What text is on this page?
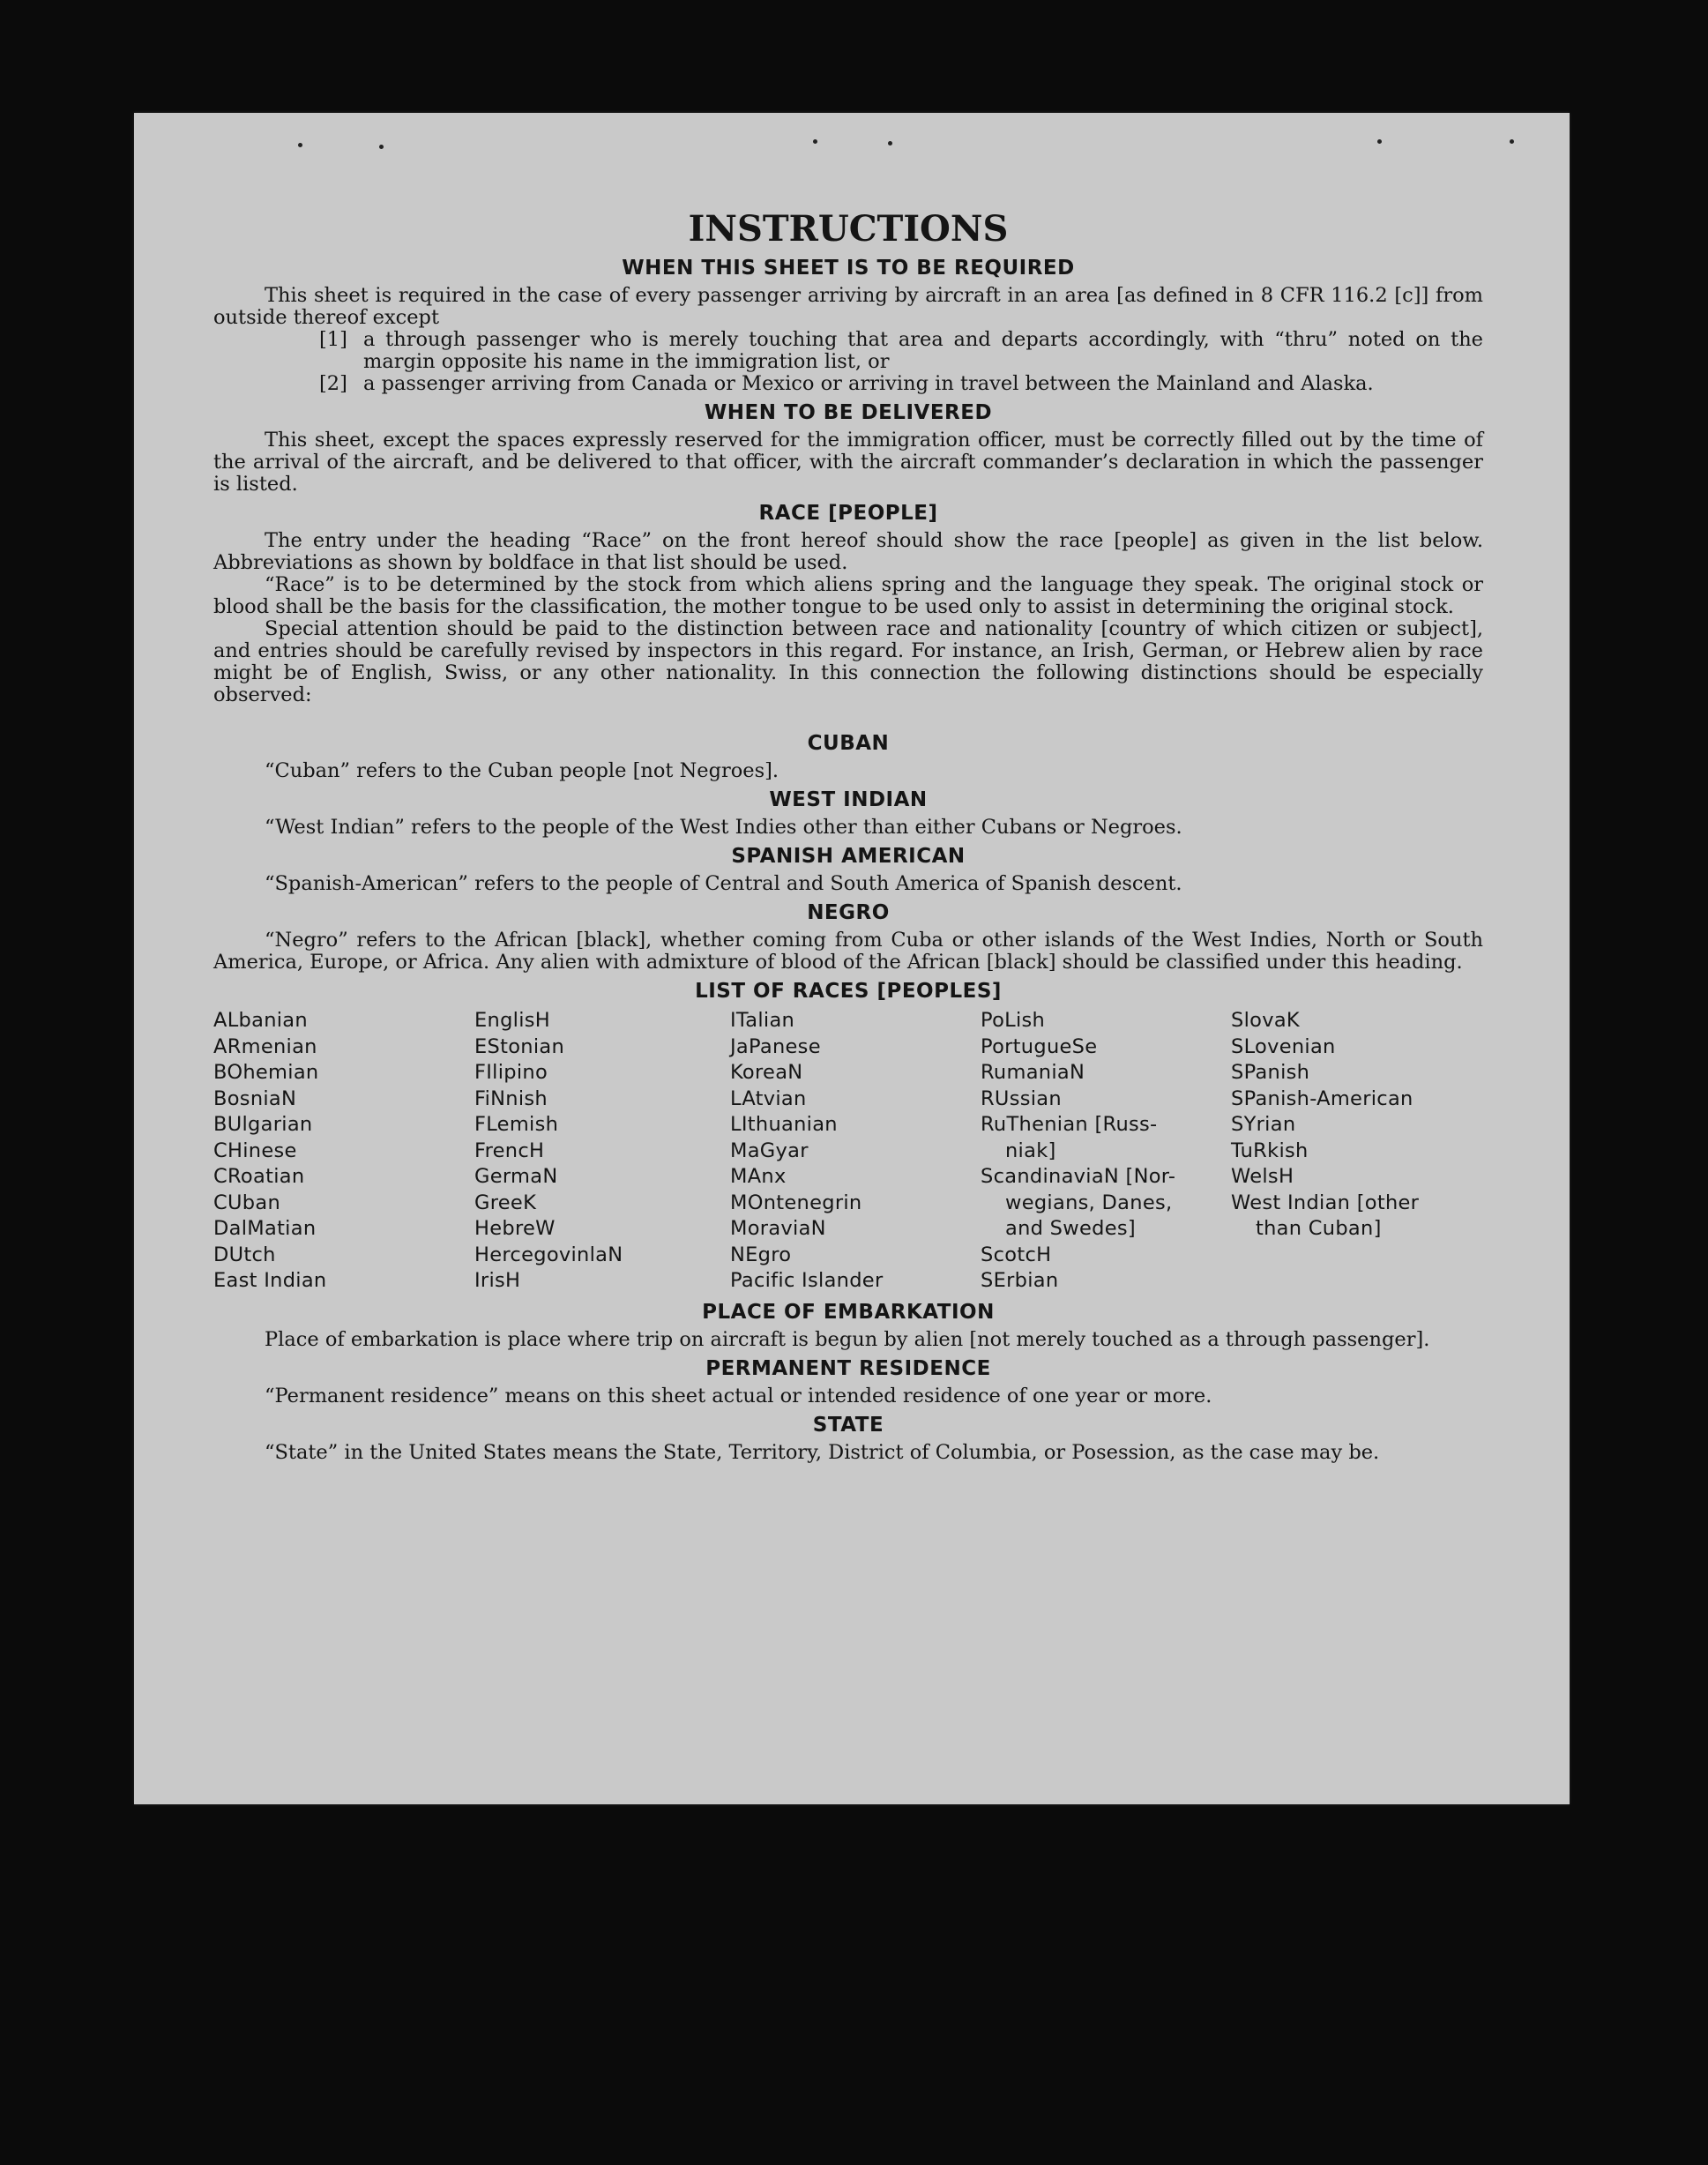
INSTRUCTIONS
WHEN THIS SHEET IS TO BE REQUIRED

This sheet is required in the case of every passenger arriving by aircraft in an area [as defined in 8 CFR 116.2 [c]] from outside thereof except

[1] a through passenger who is merely touching that area and departs accordingly, with “thru” noted on the margin opposite his name in the immigration list, or
[2] a passenger arriving from Canada or Mexico or arriving in travel between the Mainland and Alaska.
WHEN TO BE DELIVERED

This sheet, except the spaces expressly reserved for the immigration officer, must be correctly filled out by the time of the arrival of the aircraft, and be delivered to that officer, with the aircraft commander’s declaration in which the passenger is listed.

RACE [PEOPLE]

The entry under the heading “Race” on the front hereof should show the race [people] as given in the list below. Abbreviations as shown by boldface in that list should be used.

“Race” is to be determined by the stock from which aliens spring and the language they speak. The original stock or blood shall be the basis for the classification, the mother tongue to be used only to assist in determining the original stock.

Special attention should be paid to the distinction between race and nationality [country of which citizen or subject], and entries should be carefully revised by inspectors in this regard. For instance, an Irish, German, or Hebrew alien by race might be of English, Swiss, or any other nationality. In this connection the following distinctions should be especially observed:

CUBAN

“Cuban” refers to the Cuban people [not Negroes].

WEST INDIAN

“West Indian” refers to the people of the West Indies other than either Cubans or Negroes.

SPANISH AMERICAN

“Spanish-American” refers to the people of Central and South America of Spanish descent.

NEGRO

“Negro” refers to the African [black], whether coming from Cuba or other islands of the West Indies, North or South America, Europe, or Africa. Any alien with admixture of blood of the African [black] should be classified under this heading.

LIST OF RACES [PEOPLES]
ALbanian
ARmenian
BOhemian
BosniaN
BUlgarian
CHinese
CRoatian
CUban
DalMatian
DUtch
East Indian
EnglisH
EStonian
FIlipino
FiNnish
FLemish
FrencH
GermaN
GreeK
HebreW
HercegovinlaN
IrisH
ITalian
JaPanese
KoreaN
LAtvian
LIthuanian
MaGyar
MAnx
MOntenegrin
MoraviaN
NEgro
Pacific Islander
PoLish
PortugueSe
RumaniaN
RUssian
RuThenian [Russ-
niak]
ScandinaviaN [Nor-
wegians, Danes,
and Swedes]
ScotcH
SErbian
SlovaK
SLovenian
SPanish
SPanish-American
SYrian
TuRkish
WelsH
West Indian [other
than Cuban]
PLACE OF EMBARKATION

Place of embarkation is place where trip on aircraft is begun by alien [not merely touched as a through passenger].

PERMANENT RESIDENCE

“Permanent residence” means on this sheet actual or intended residence of one year or more.

STATE

“State” in the United States means the State, Territory, District of Columbia, or Posession, as the case may be.
